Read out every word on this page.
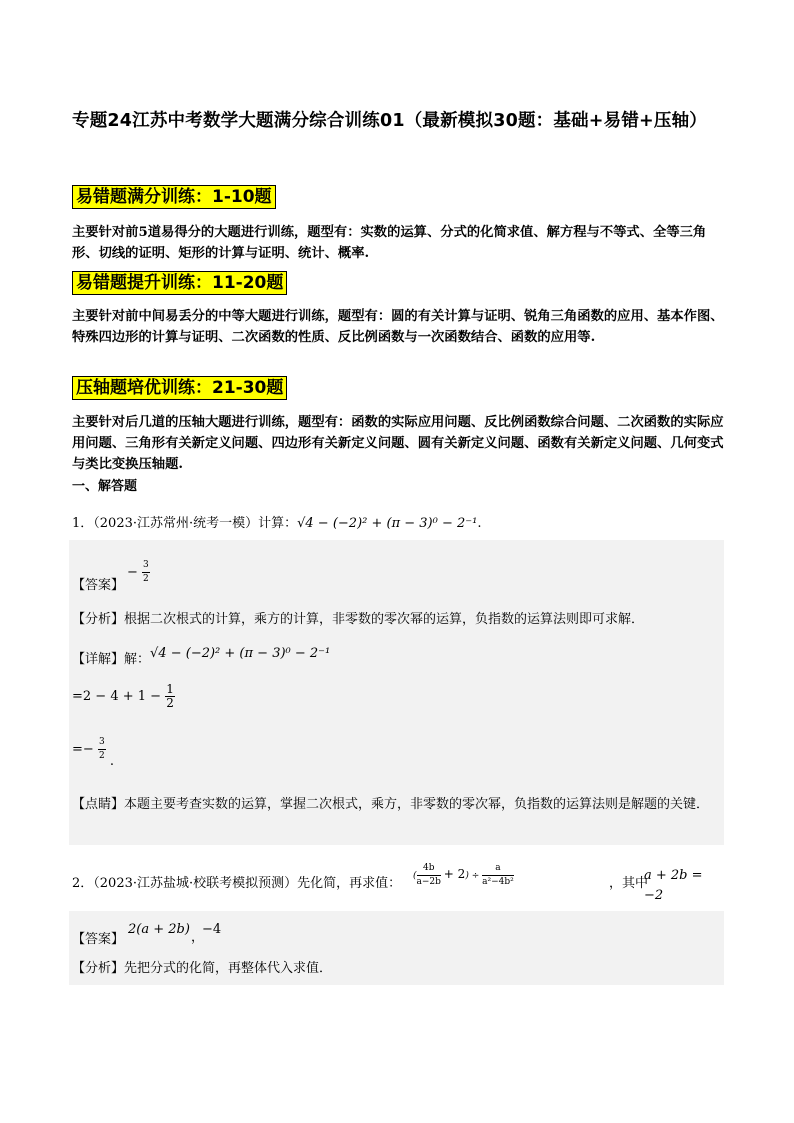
专题24江苏中考数学大题满分综合训练01（最新模拟30题：基础+易错+压轴）
易错题满分训练：1-10题
主要针对前5道易得分的大题进行训练，题型有：实数的运算、分式的化简求值、解方程与不等式、全等三角形、切线的证明、矩形的计算与证明、统计、概率.
易错题提升训练：11-20题
主要针对前中间易丢分的中等大题进行训练，题型有：圆的有关计算与证明、锐角三角函数的应用、基本作图、特殊四边形的计算与证明、二次函数的性质、反比例函数与一次函数结合、函数的应用等.
压轴题培优训练：21-30题
主要针对后几道的压轴大题进行训练，题型有：函数的实际应用问题、反比例函数综合问题、二次函数的实际应用问题、三角形有关新定义问题、四边形有关新定义问题、圆有关新定义问题、函数有关新定义问题、几何变式与类比变换压轴题.
一、解答题
1．（2023·江苏常州·统考一模）计算：√4 − (−2)² + (π − 3)⁰ − 2⁻¹.
【答案】
− $\frac{3}{2}$
【分析】根据二次根式的计算，乘方的计算，非零数的零次幂的运算，负指数的运算法则即可求解．
【详解】解：√4 − (−2)² + (π − 3)⁰ − 2⁻¹
$=2 - 4 + 1 - \frac{1}{2}$
=− $\frac{3}{2}$ .
【点睛】本题主要考查实数的运算，掌握二次根式，乘方，非零数的零次幂，负指数的运算法则是解题的关键．
2．（2023·江苏盐城·校联考模拟预测）先化简，再求值： ( $\frac{4b}{a-2b} + 2) \div \frac{a}{\text{a²−4b²}}$	，其中
a + 2b = −2
【答案】
2(a + 2b)
，
−4
【分析】先把分式的化简，再整体代入求值．
